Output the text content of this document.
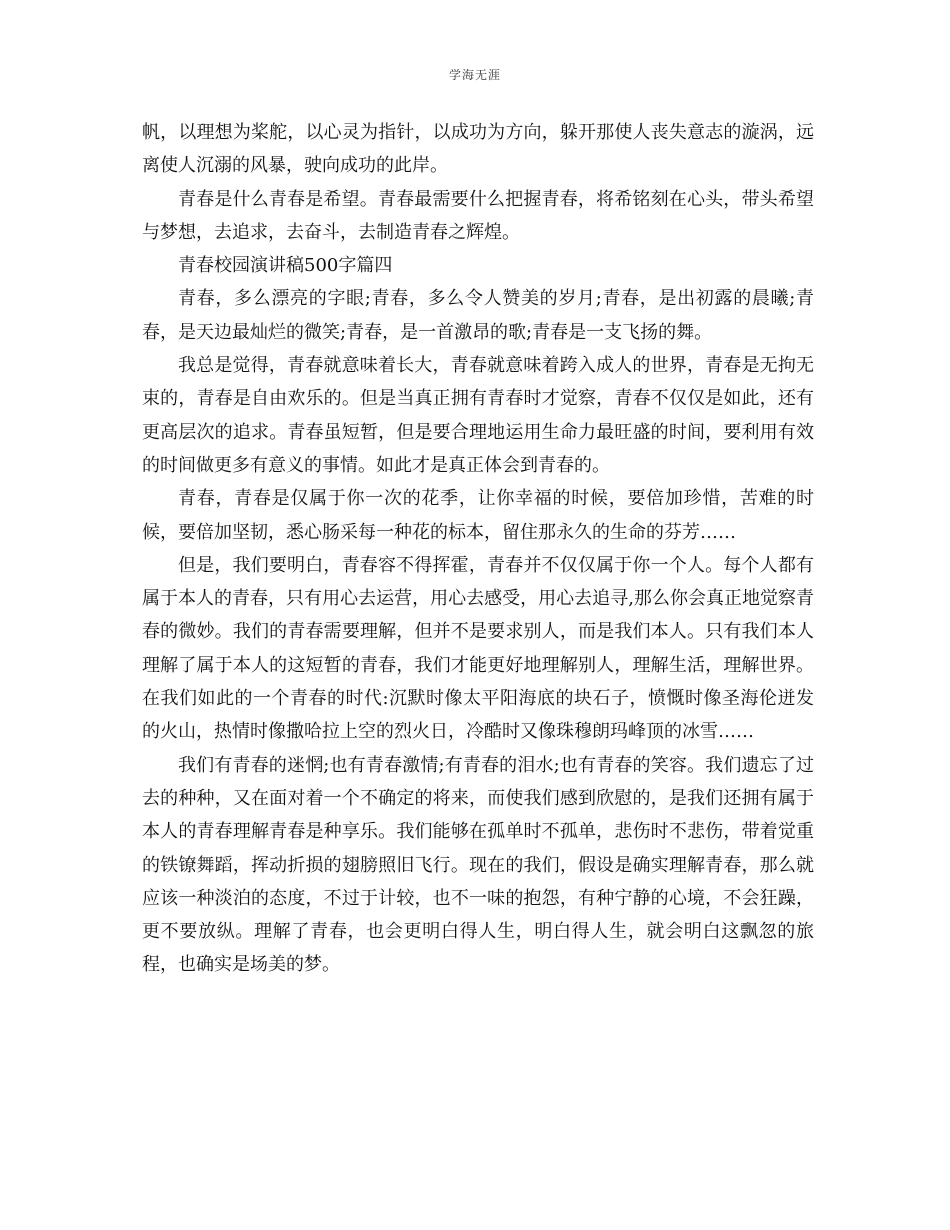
学海无涯

帆，以理想为桨舵，以心灵为指针，以成功为方向，躲开那使人丧失意志的漩涡，远离使人沉溺的风暴，驶向成功的此岸。

青春是什么青春是希望。青春最需要什么把握青春，将希铭刻在心头，带头希望与梦想，去追求，去奋斗，去制造青春之辉煌。

青春校园演讲稿500字篇四

青春，多么漂亮的字眼;青春，多么令人赞美的岁月;青春，是出初露的晨曦;青春，是天边最灿烂的微笑;青春，是一首激昂的歌;青春是一支飞扬的舞。

我总是觉得，青春就意味着长大，青春就意味着跨入成人的世界，青春是无拘无束的，青春是自由欢乐的。但是当真正拥有青春时才觉察，青春不仅仅是如此，还有更高层次的追求。青春虽短暂，但是要合理地运用生命力最旺盛的时间，要利用有效的时间做更多有意义的事情。如此才是真正体会到青春的。

青春，青春是仅属于你一次的花季，让你幸福的时候，要倍加珍惜，苦难的时候，要倍加坚韧，悉心肠采每一种花的标本，留住那永久的生命的芬芳……

但是，我们要明白，青春容不得挥霍，青春并不仅仅属于你一个人。每个人都有属于本人的青春，只有用心去运营，用心去感受，用心去追寻,那么你会真正地觉察青春的微妙。我们的青春需要理解，但并不是要求别人，而是我们本人。只有我们本人理解了属于本人的这短暂的青春，我们才能更好地理解别人，理解生活，理解世界。在我们如此的一个青春的时代:沉默时像太平阳海底的块石子，愤慨时像圣海伦迸发的火山，热情时像撒哈拉上空的烈火日，冷酷时又像珠穆朗玛峰顶的冰雪……

我们有青春的迷惘;也有青春激情;有青春的泪水;也有青春的笑容。我们遗忘了过去的种种，又在面对着一个不确定的将来，而使我们感到欣慰的，是我们还拥有属于本人的青春理解青春是种享乐。我们能够在孤单时不孤单，悲伤时不悲伤，带着觉重的铁镣舞蹈，挥动折损的翅膀照旧飞行。现在的我们，假设是确实理解青春，那么就应该一种淡泊的态度，不过于计较，也不一味的抱怨，有种宁静的心境，不会狂躁，更不要放纵。理解了青春，也会更明白得人生，明白得人生，就会明白这飘忽的旅程，也确实是场美的梦。
